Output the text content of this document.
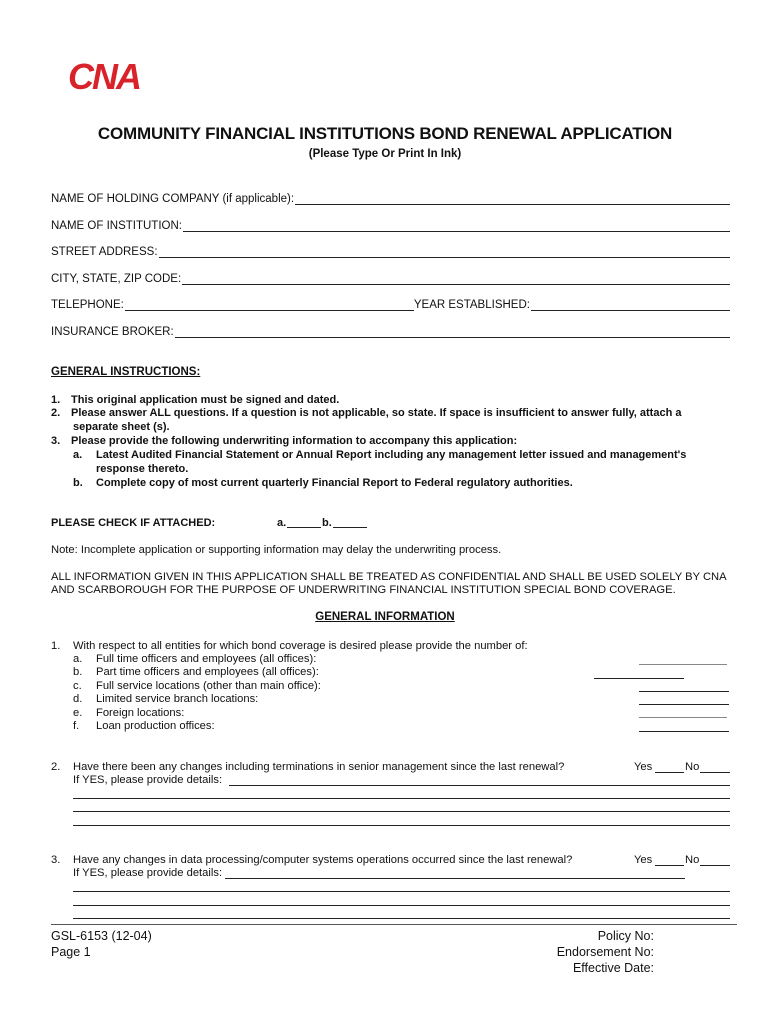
CNA
COMMUNITY FINANCIAL INSTITUTIONS BOND RENEWAL APPLICATION
(Please Type Or Print In Ink)
NAME OF HOLDING COMPANY (if applicable):
NAME OF INSTITUTION:
STREET ADDRESS:
CITY, STATE, ZIP CODE:
TELEPHONE:	YEAR ESTABLISHED:
INSURANCE BROKER:
GENERAL INSTRUCTIONS:
1. This original application must be signed and dated.
2. Please answer ALL questions. If a question is not applicable, so state. If space is insufficient to answer fully, attach a
separate sheet (s).
3. Please provide the following underwriting information to accompany this application:
a. Latest Audited Financial Statement or Annual Report including any management letter issued and management's
response thereto.
b. Complete copy of most current quarterly Financial Report to Federal regulatory authorities.
PLEASE CHECK IF ATTACHED:	a.	b.
Note: Incomplete application or supporting information may delay the underwriting process.
ALL INFORMATION GIVEN IN THIS APPLICATION SHALL BE TREATED AS CONFIDENTIAL AND SHALL BE USED SOLELY BY CNA
AND SCARBOROUGH FOR THE PURPOSE OF UNDERWRITING FINANCIAL INSTITUTION SPECIAL BOND COVERAGE.
GENERAL INFORMATION
1. With respect to all entities for which bond coverage is desired please provide the number of:
a. Full time officers and employees (all offices):
b. Part time officers and employees (all offices):
c. Full service locations (other than main office):
d. Limited service branch locations:
e. Foreign locations:
f. Loan production offices:
2. Have there been any changes including terminations in senior management since the last renewal?	Yes	No
If YES, please provide details:
3. Have any changes in data processing/computer systems operations occurred since the last renewal?	Yes	No
If YES, please provide details:
GSL-6153 (12-04)
Page 1
Policy No:
Endorsement No:
Effective Date:
